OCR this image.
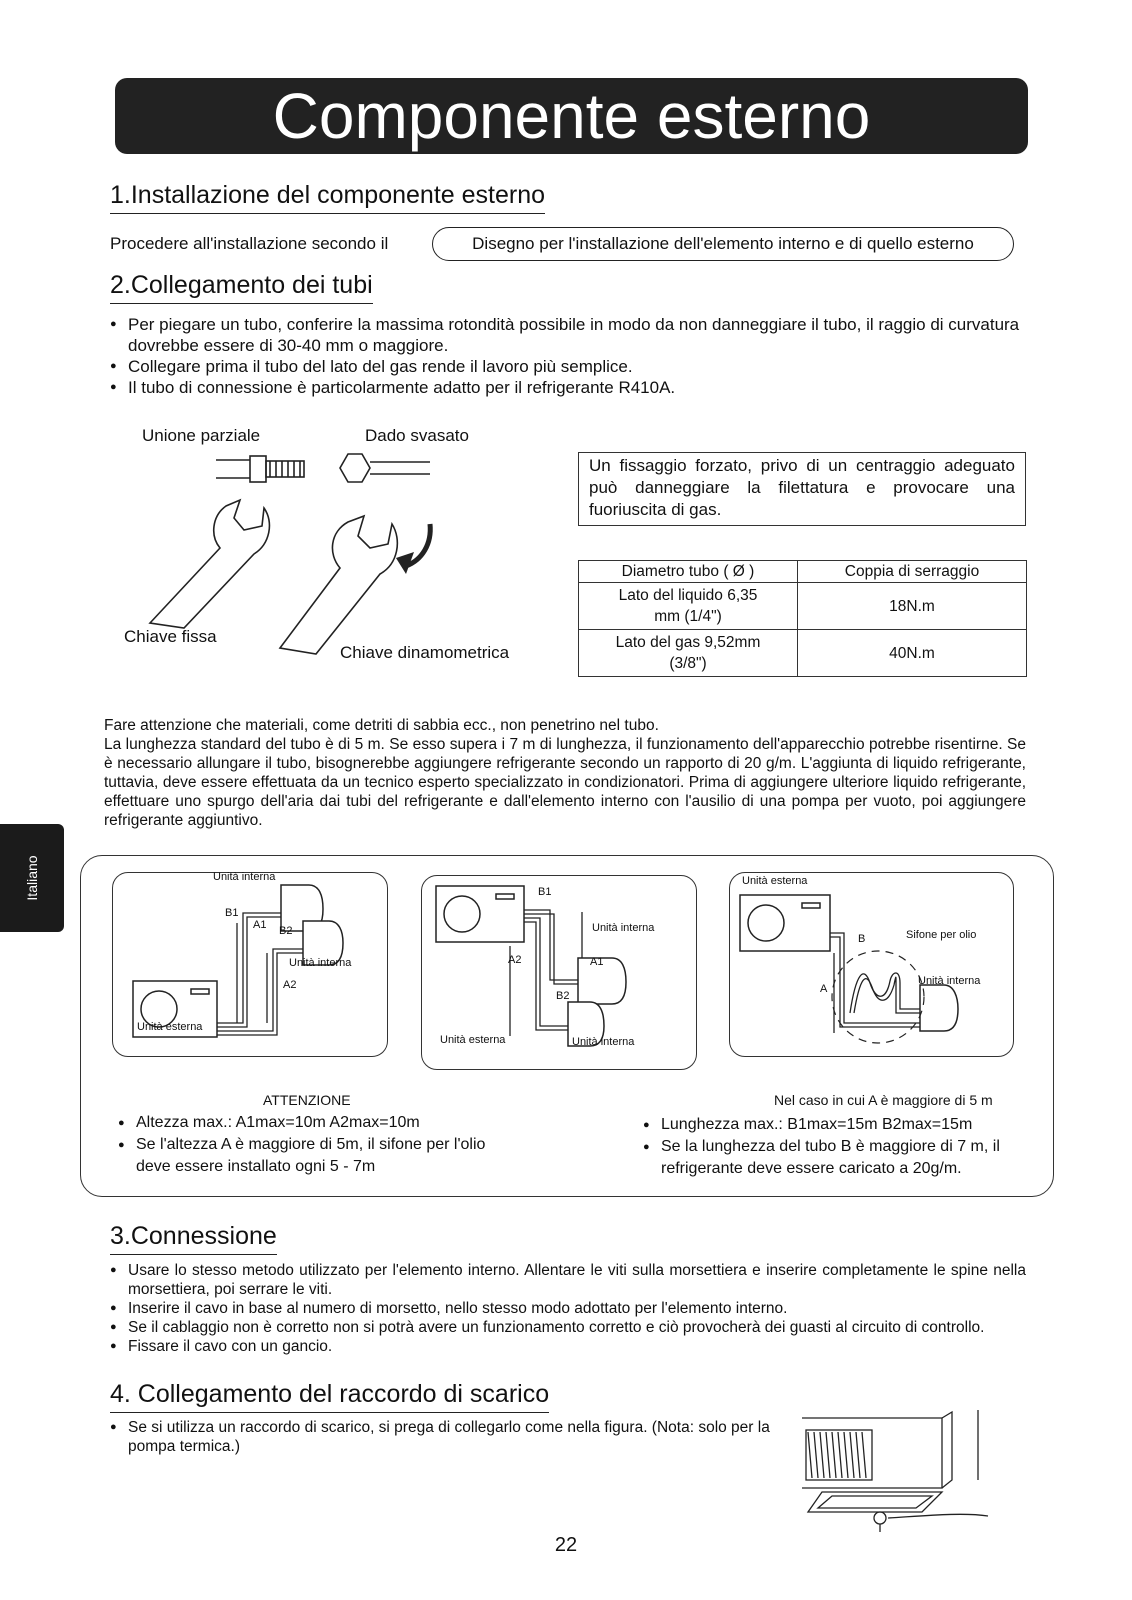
Componente esterno
Italiano
1.Installazione del componente esterno
Procedere all'installazione secondo il	Disegno per l'installazione dell'elemento interno e di quello esterno
2.Collegamento dei tubi
● Per piegare un tubo, conferire la massima rotondità possibile in modo da non danneggiare il tubo, il raggio di curvatura dovrebbe essere di 30-40 mm o maggiore.
● Collegare prima il tubo del lato del gas rende il lavoro più semplice.
● Il tubo di connessione è particolarmente adatto per il refrigerante R410A.
Unione parziale	Dado svasato
Chiave fissa
Chiave dinamometrica
Un fissaggio forzato, privo di un centraggio adeguato può danneggiare la filettatura e provocare una fuoriuscita di gas.
Diametro tubo ( Ø )	Coppia di serraggio
Lato del liquido 6,35 mm (1/4")	18N.m
Lato del gas 9,52mm (3/8")	40N.m
Fare attenzione che materiali, come detriti di sabbia ecc., non penetrino nel tubo.
La lunghezza standard del tubo è di 5 m. Se esso supera i 7 m di lunghezza, il funzionamento dell'apparecchio potrebbe risentirne. Se è necessario allungare il tubo, bisognerebbe aggiungere refrigerante secondo un rapporto di 20 g/m. L'aggiunta di liquido refrigerante, tuttavia, deve essere effettuata da un tecnico esperto specializzato in condizionatori. Prima di aggiungere ulteriore liquido refrigerante, effettuare uno spurgo dell'aria dai tubi del refrigerante e dall'elemento interno con l'ausilio di una pompa per vuoto, poi aggiungere refrigerante aggiuntivo.
Unità interna
B1
A1 B2
Unità interna
A2
Unità esterna
B1
Unità interna
A2	A1
B2
Unità esterna	Unità interna
Unità esterna
B	Sifone per olio
Unità interna
A
ATTENZIONE	Nel caso in cui A è maggiore di 5 m
● Altezza max.: A1max=10m A2max=10m
● Se l'altezza A è maggiore di 5m, il sifone per l'olio deve essere installato ogni 5 - 7m
● Lunghezza max.: B1max=15m B2max=15m
● Se la lunghezza del tubo B è maggiore di 7 m, il refrigerante deve essere caricato a 20g/m.
3.Connessione
● Usare lo stesso metodo utilizzato per l'elemento interno. Allentare le viti sulla morsettiera e inserire completamente le spine nella morsettiera, poi serrare le viti.
● Inserire il cavo in base al numero di morsetto, nello stesso modo adottato per l'elemento interno.
● Se il cablaggio non è corretto non si potrà avere un funzionamento corretto e ciò provocherà dei guasti al circuito di controllo.
● Fissare il cavo con un gancio.
4. Collegamento del raccordo di scarico
● Se si utilizza un raccordo di scarico, si prega di collegarlo come nella figura. (Nota: solo per la pompa termica.)
22
